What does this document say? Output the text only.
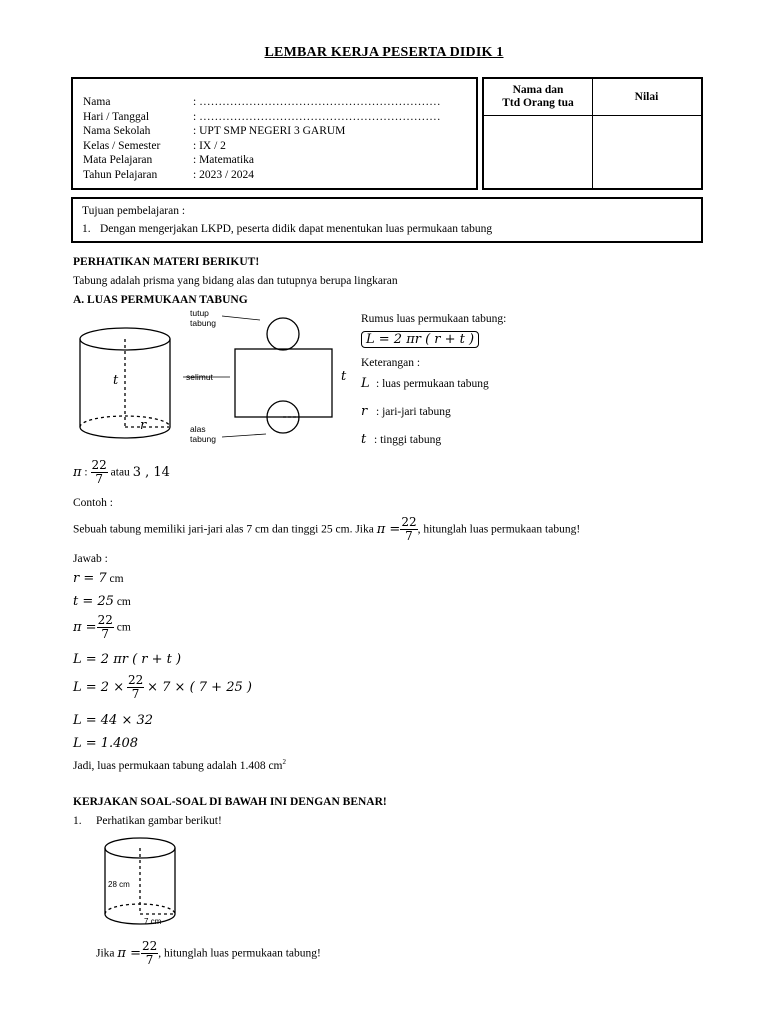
LEMBAR KERJA PESERTA DIDIK 1
Nama	: ………………………………………………………
Hari / Tanggal	: ………………………………………………………
Nama Sekolah	: UPT SMP NEGERI 3 GARUM
Kelas / Semester	: IX / 2
Mata Pelajaran	: Matematika
Tahun Pelajaran	: 2023 / 2024
Nama dan
Ttd Orang tua	Nilai
Tujuan pembelajaran :
1. Dengan mengerjakan LKPD, peserta didik dapat menentukan luas permukaan tabung
PERHATIKAN MATERI BERIKUT!
Tabung adalah prisma yang bidang alas dan tutupnya berupa lingkaran
A. LUAS PERMUKAAN TABUNG
tutup
tabung
selimut
alas
tabung
t
r
t
Rumus luas permukaan tabung:
L = 2 πr ( r + t )
Keterangan :
L : luas permukaan tabung
r : jari-jari tabung
t : tinggi tabung
π : $\frac{22}{7}$ atau 3 , 14
Contoh :
Sebuah tabung memiliki jari-jari alas 7 cm dan tinggi 25 cm. Jika $\pi = \frac{22}{7}$ , hitunglah luas permukaan tabung!
Jawab :
r = 7 cm
t = 25 cm
$\pi = \frac{22}{7}$ cm
L = 2 πr ( r + t )
$L = 2 \times \frac{22}{7} \times 7$ × ( 7 + 25 )
L = 44 × 32
L = 1.408
Jadi, luas permukaan tabung adalah 1.408 $cm^2$
KERJAKAN SOAL-SOAL DI BAWAH INI DENGAN BENAR!
1. Perhatikan gambar berikut!
28 cm
7 cm
Jika $\pi = \frac{22}{7}$ , hitunglah luas permukaan tabung!
